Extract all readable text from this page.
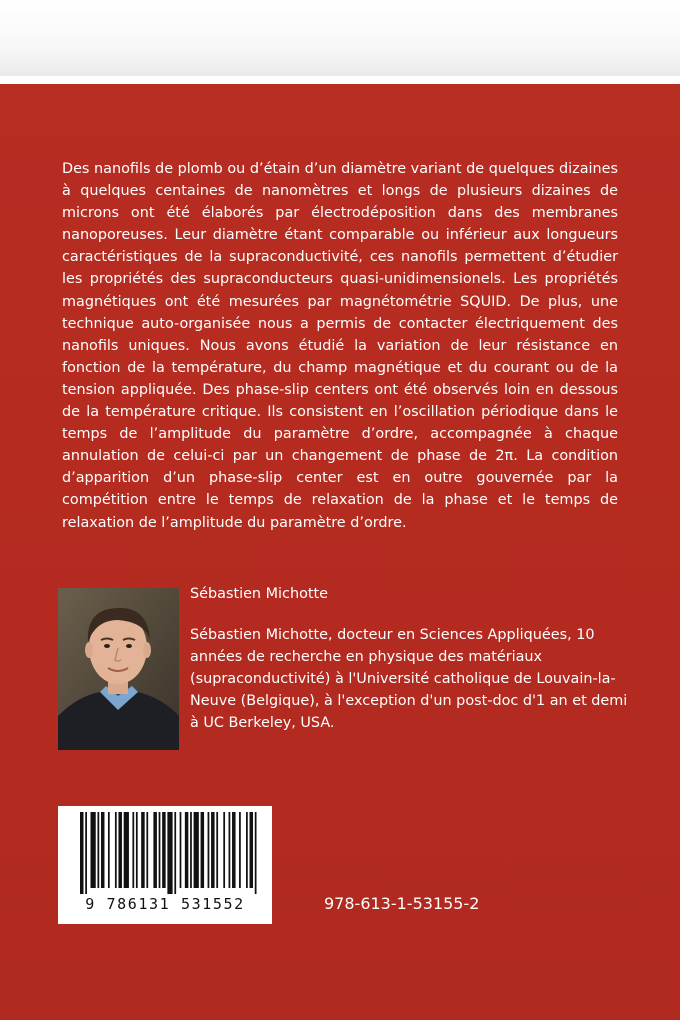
Des nanofils de plomb ou d’étain d’un diamètre variant de quelques dizaines à quelques centaines de nanomètres et longs de plusieurs dizaines de microns ont été élaborés par électrodéposition dans des membranes nanoporeuses. Leur diamètre étant comparable ou inférieur aux longueurs caractéristiques de la supraconductivité, ces nanofils permettent d’étudier les propriétés des supraconducteurs quasi-unidimensionels. Les propriétés magnétiques ont été mesurées par magnétométrie SQUID. De plus, une technique auto-organisée nous a permis de contacter électriquement des nanofils uniques. Nous avons étudié la variation de leur résistance en fonction de la température, du champ magnétique et du courant ou de la tension appliquée. Des phase-slip centers ont été observés loin en dessous de la température critique. Ils consistent en l’oscillation périodique dans le temps de l’amplitude du paramètre d’ordre, accompagnée à chaque annulation de celui-ci par un changement de phase de 2π. La condition d’apparition d’un phase-slip center est en outre gouvernée par la compétition entre le temps de relaxation de la phase et le temps de relaxation de l’amplitude du paramètre d’ordre.

Sébastien Michotte

Sébastien Michotte, docteur en Sciences Appliquées, 10 années de recherche en physique des matériaux (supraconductivité) à l'Université catholique de Louvain-la-Neuve (Belgique), à l'exception d'un post-doc d'1 an et demi à UC Berkeley, USA.

9 786131 531552	978-613-1-53155-2
